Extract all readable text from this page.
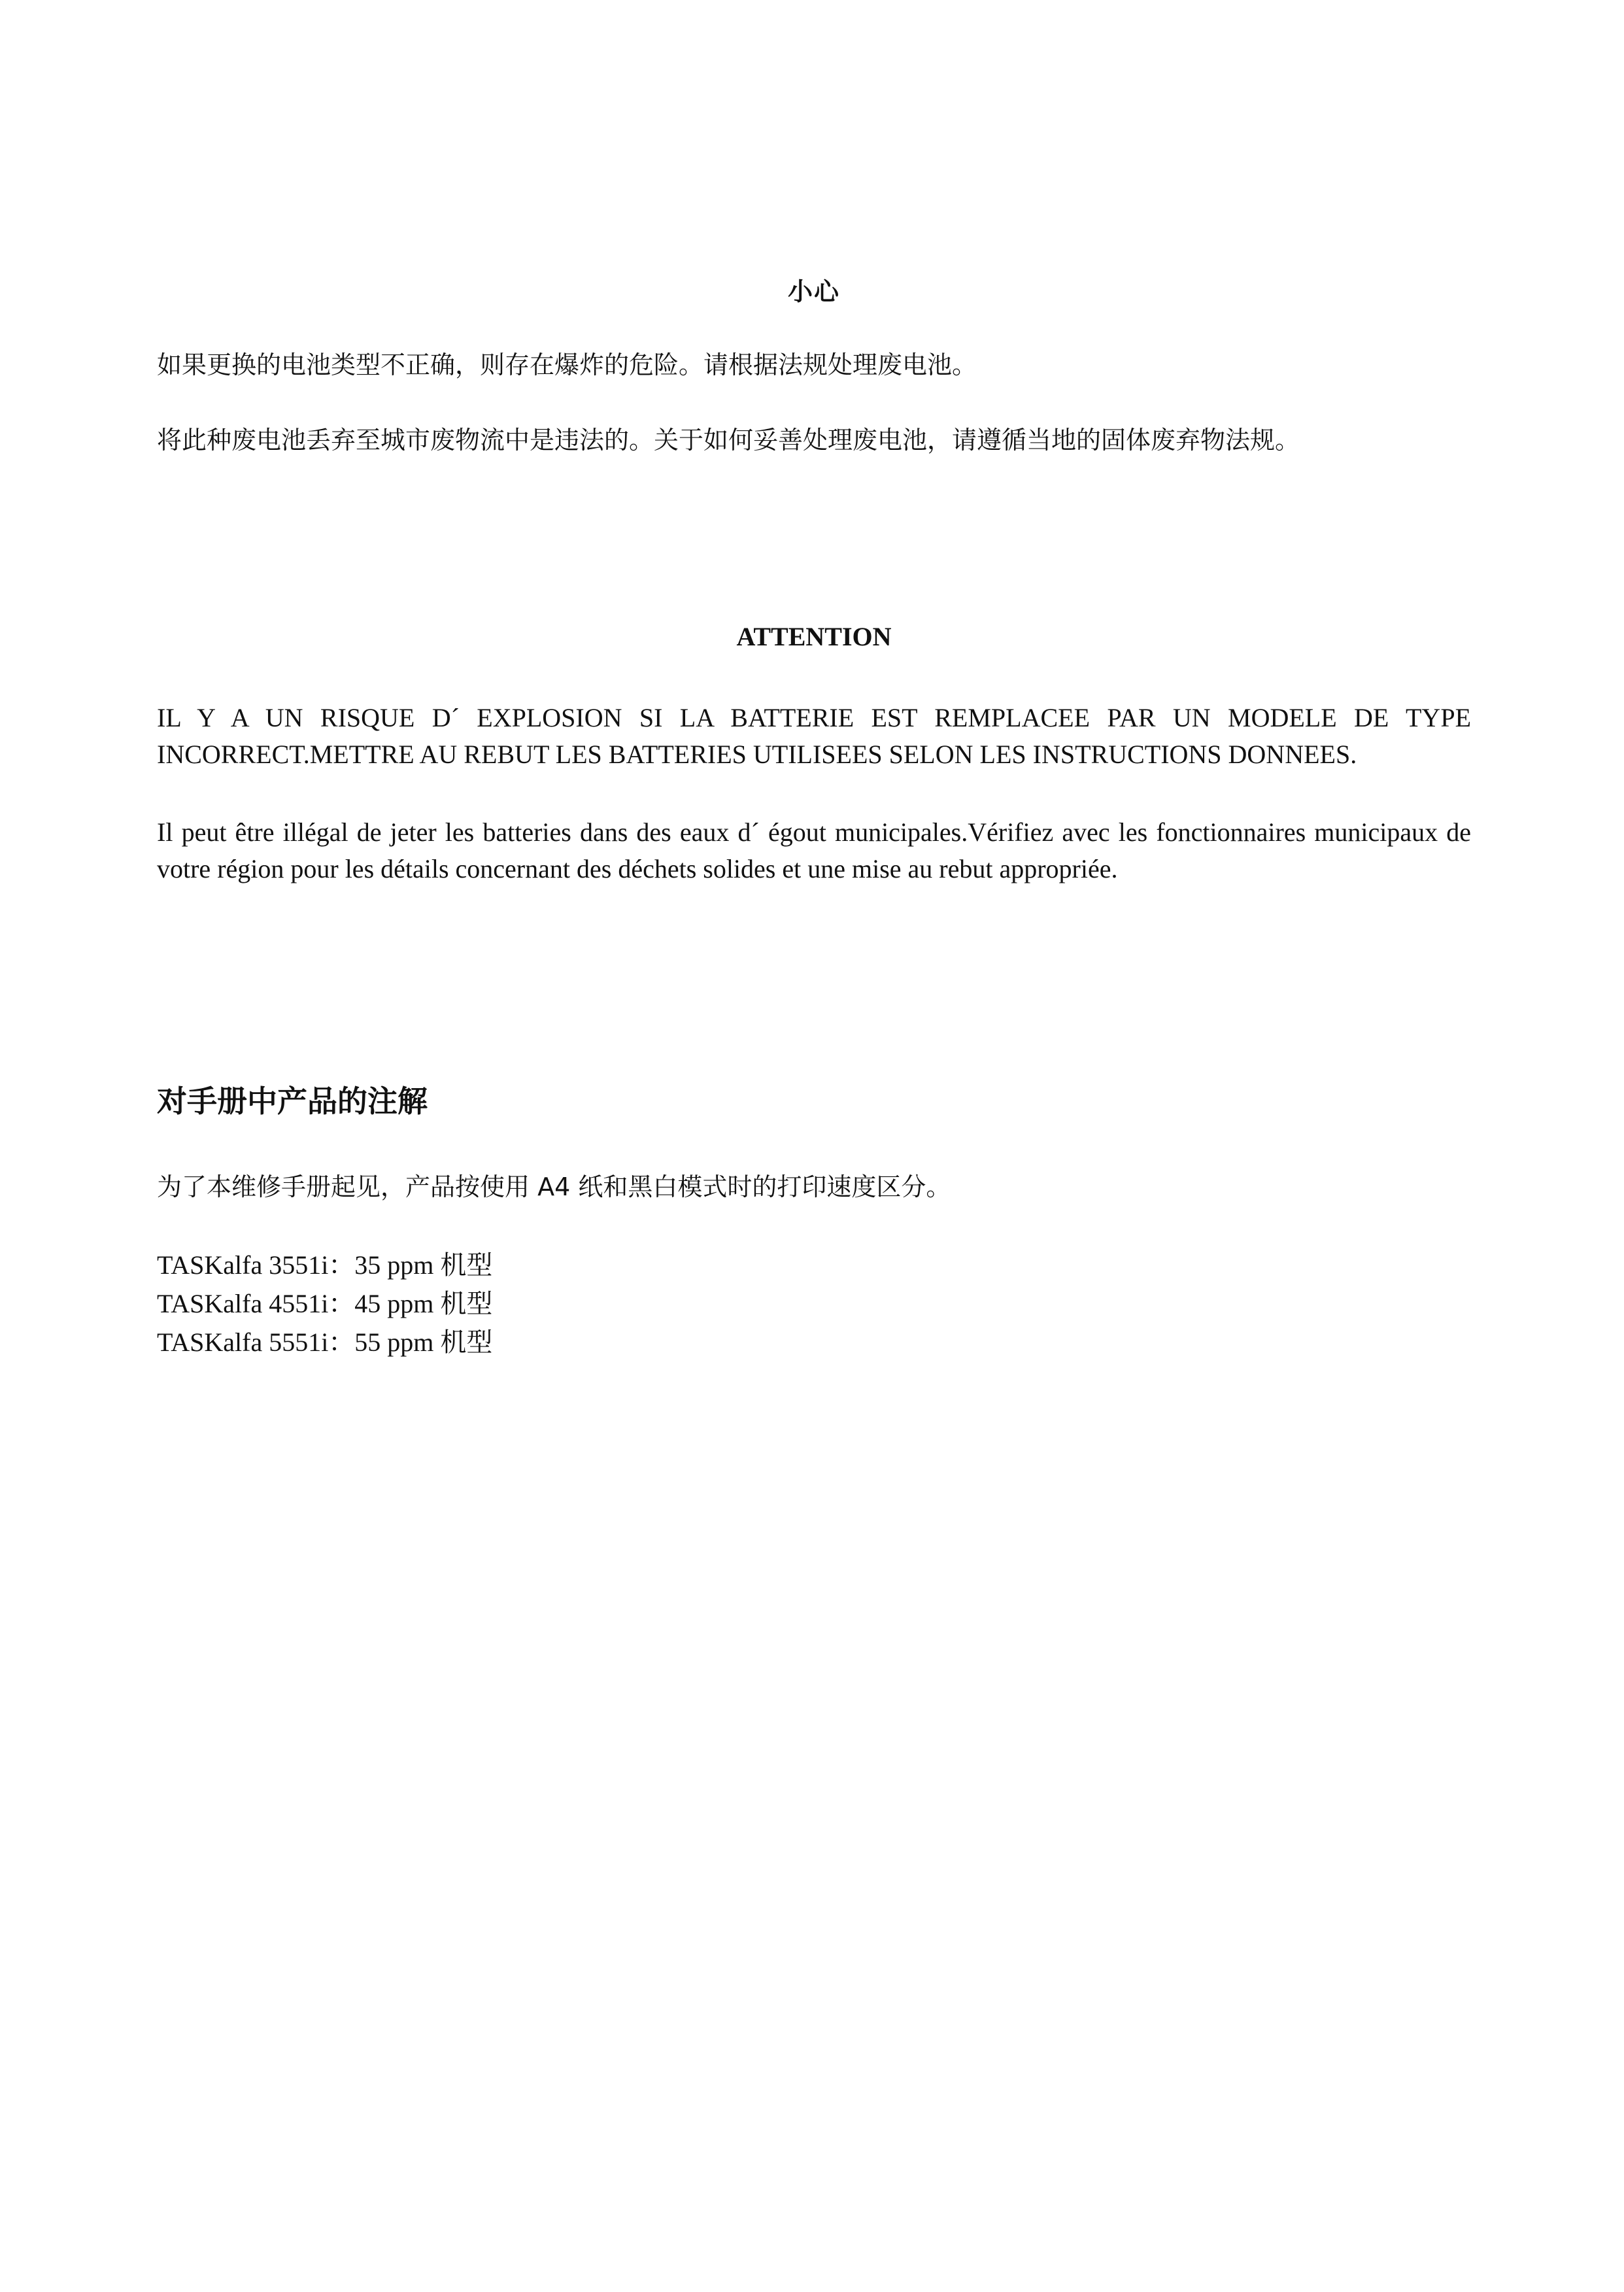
小心

如果更换的电池类型不正确，则存在爆炸的危险。请根据法规处理废电池。

将此种废电池丢弃至城市废物流中是违法的。关于如何妥善处理废电池，请遵循当地的固体废弃物法规。

ATTENTION

IL Y A UN RISQUE D´ EXPLOSION SI LA BATTERIE EST REMPLACEE PAR UN MODELE DE TYPE INCORRECT.METTRE AU REBUT LES BATTERIES UTILISEES SELON LES INSTRUCTIONS DONNEES.

Il peut être illégal de jeter les batteries dans des eaux d´ égout municipales.Vérifiez avec les fonctionnaires municipaux de votre région pour les détails concernant des déchets solides et une mise au rebut appropriée.

对手册中产品的注解

为了本维修手册起见，产品按使用 A4 纸和黑白模式时的打印速度区分。

TASKalfa 3551i：35 ppm 机型
TASKalfa 4551i：45 ppm 机型
TASKalfa 5551i：55 ppm 机型
